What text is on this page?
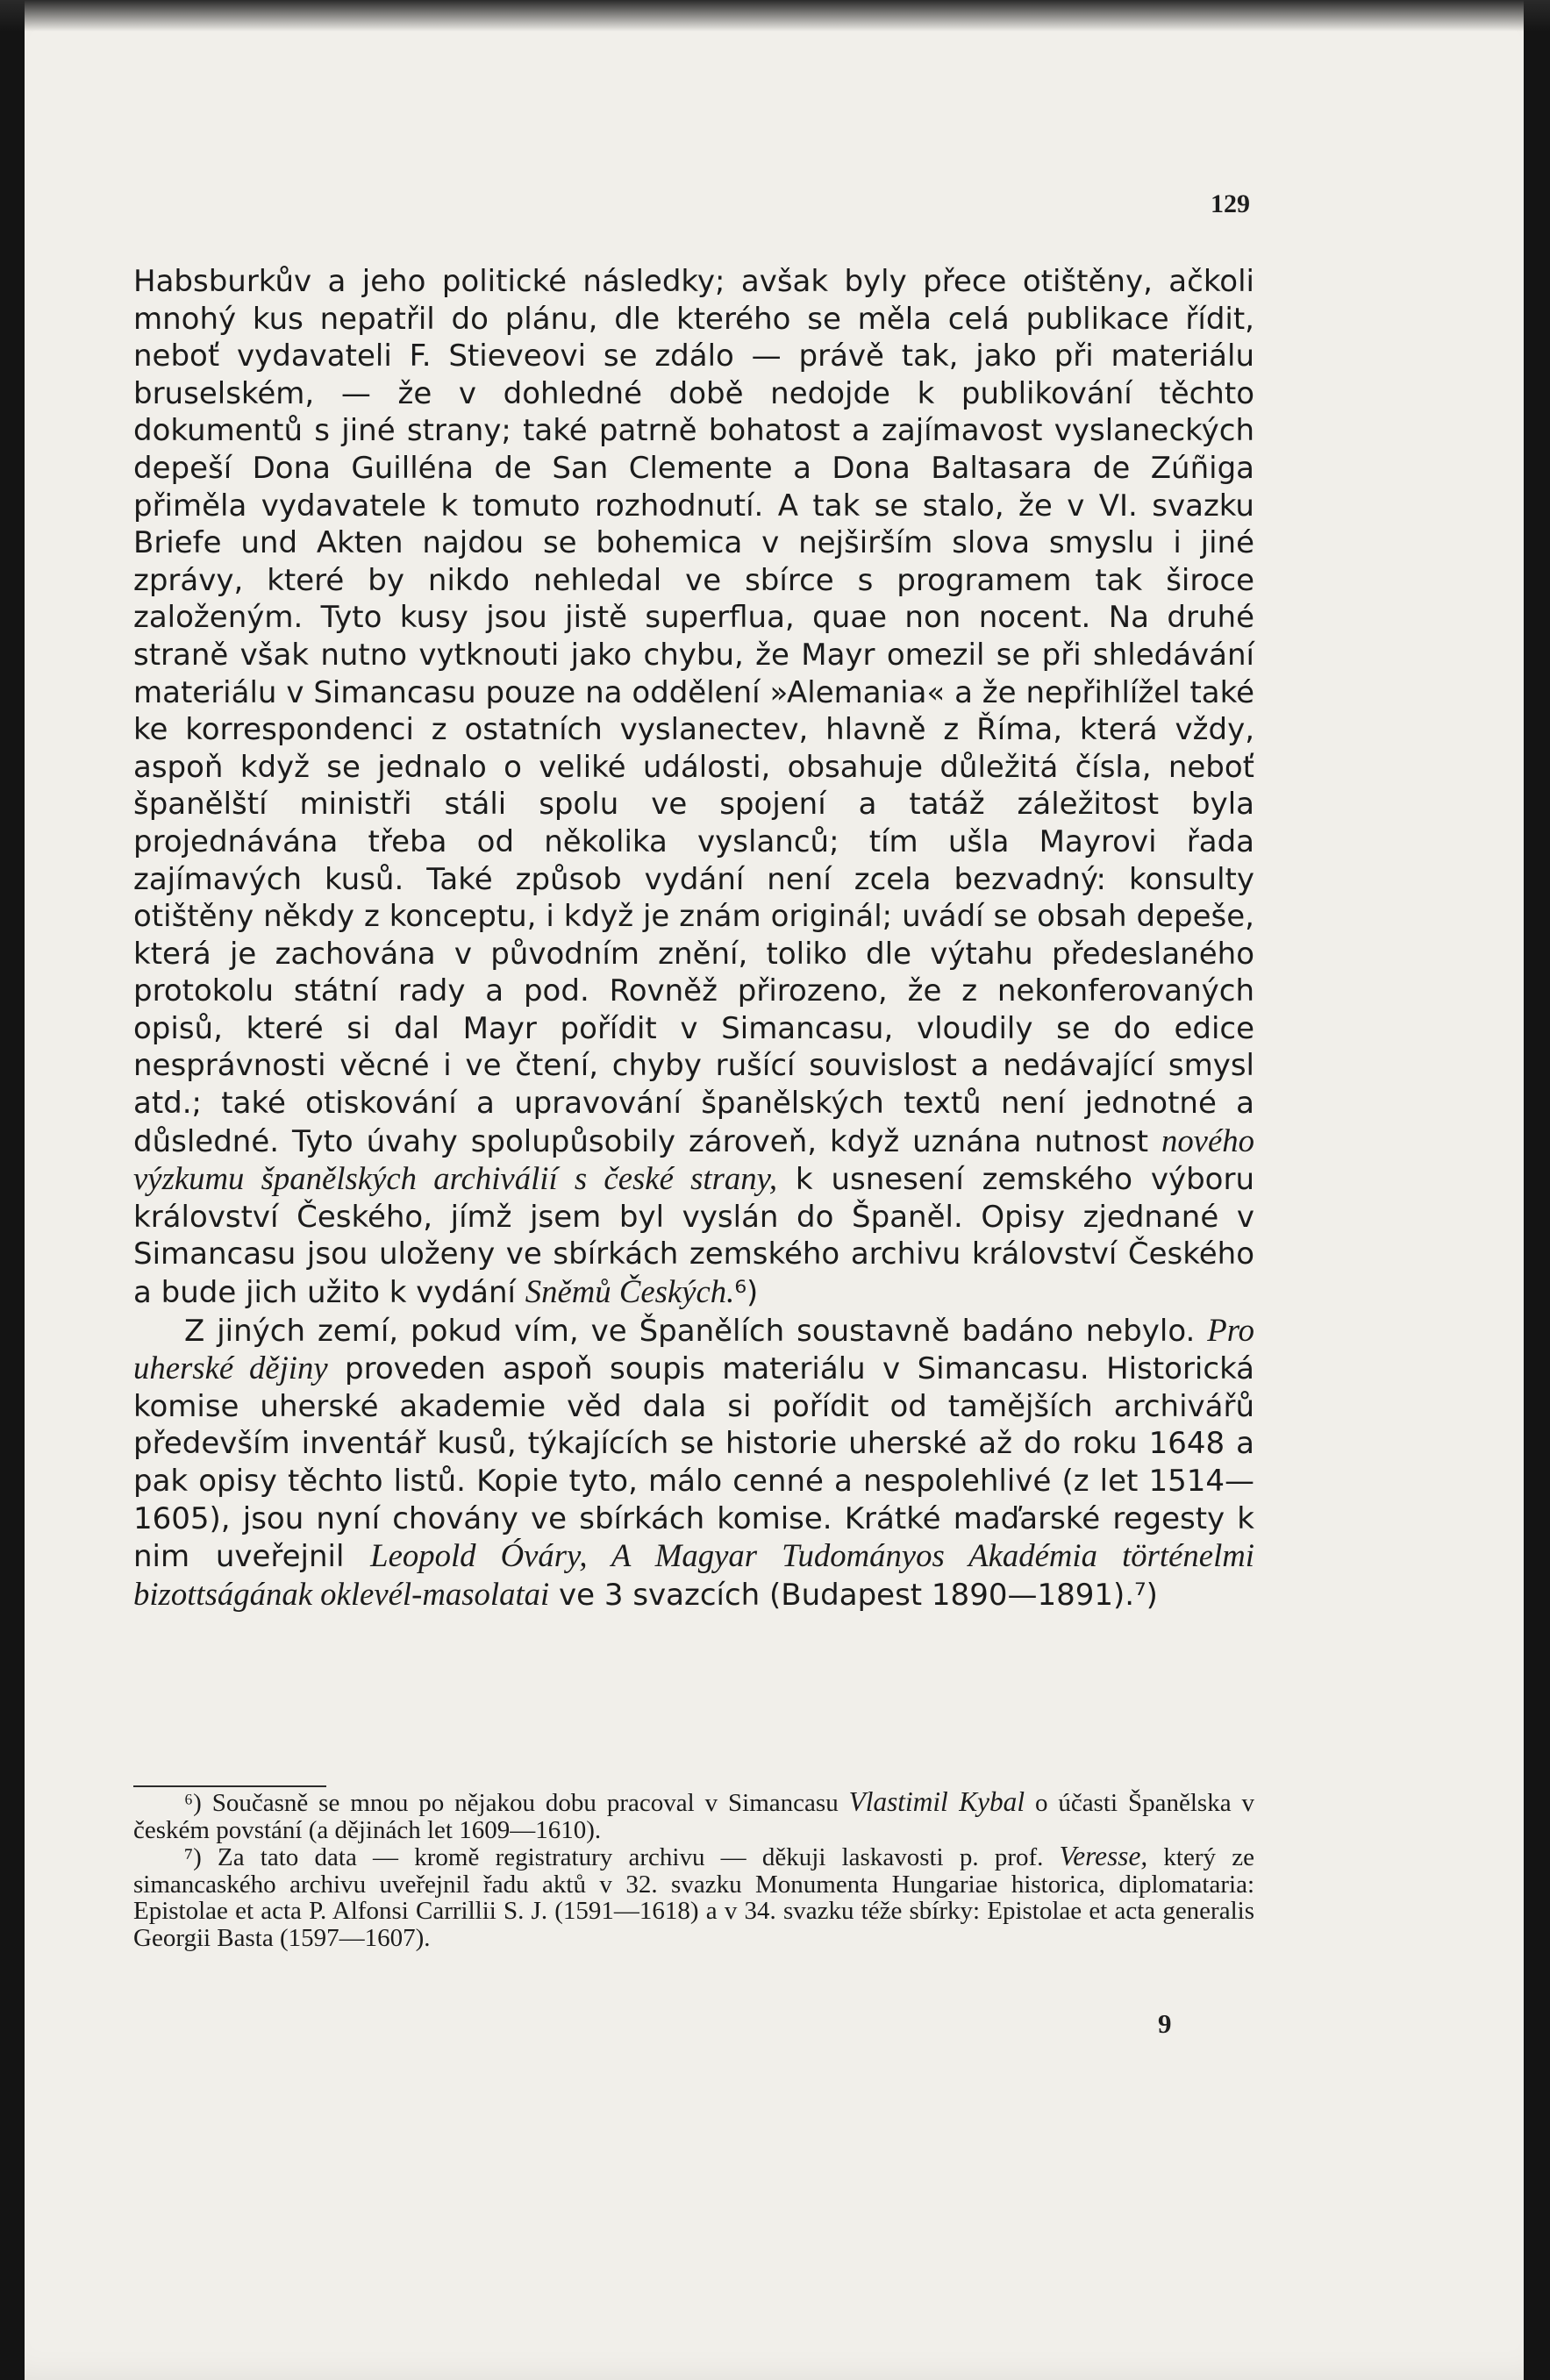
129

Habsburkův a jeho politické následky; avšak byly přece otištěny, ačkoli mnohý kus nepatřil do plánu, dle kterého se měla celá publikace řídit, neboť vydavateli F. Stieveovi se zdálo — právě tak, jako při materiálu bruselském, — že v dohledné době nedojde k publikování těchto dokumentů s jiné strany; také patrně bohatost a zajímavost vyslaneckých depeší Dona Guilléna de San Clemente a Dona Baltasara de Zúñiga přiměla vydavatele k tomuto rozhodnutí. A tak se stalo, že v VI. svazku Briefe und Akten najdou se bohemica v nejširším slova smyslu i jiné zprávy, které by nikdo nehledal ve sbírce s programem tak široce založeným. Tyto kusy jsou jistě superflua, quae non nocent. Na druhé straně však nutno vytknouti jako chybu, že Mayr omezil se při shledávání materiálu v Simancasu pouze na oddělení »Alemania« a že nepřihlížel také ke korrespondenci z ostatních vyslanectev, hlavně z Říma, která vždy, aspoň když se jednalo o veliké události, obsahuje důležitá čísla, neboť španělští ministři stáli spolu ve spojení a tatáž záležitost byla projednávána třeba od několika vyslanců; tím ušla Mayrovi řada zajímavých kusů. Také způsob vydání není zcela bezvadný: konsulty otištěny někdy z konceptu, i když je znám originál; uvádí se obsah depeše, která je zachována v původním znění, toliko dle výtahu předeslaného protokolu státní rady a pod. Rovněž přirozeno, že z nekonferovaných opisů, které si dal Mayr pořídit v Simancasu, vloudily se do edice nesprávnosti věcné i ve čtení, chyby rušící souvislost a nedávající smysl atd.; také otiskování a upravování španělských textů není jednotné a důsledné. Tyto úvahy spolupůsobily zároveň, když uznána nutnost nového výzkumu španělských archiválií s české strany, k usnesení zemského výboru království Českého, jímž jsem byl vyslán do Španěl. Opisy zjednané v Simancasu jsou uloženy ve sbírkách zemského archivu království Českého a bude jich užito k vydání Sněmů Českých.⁶)

Z jiných zemí, pokud vím, ve Španělích soustavně badáno nebylo. Pro uherské dějiny proveden aspoň soupis materiálu v Simancasu. Historická komise uherské akademie věd dala si pořídit od tamějších archivářů především inventář kusů, týkajících se historie uherské až do roku 1648 a pak opisy těchto listů. Kopie tyto, málo cenné a nespolehlivé (z let 1514—1605), jsou nyní chovány ve sbírkách komise. Krátké maďarské regesty k nim uveřejnil Leopold Óváry, A Magyar Tudományos Akadémia történelmi bizottságának oklevél-masolatai ve 3 svazcích (Budapest 1890—1891).⁷)

⁶) Současně se mnou po nějakou dobu pracoval v Simancasu Vlastimil Kybal o účasti Španělska v českém povstání (a dějinách let 1609—1610).

⁷) Za tato data — kromě registratury archivu — děkuji laskavosti p. prof. Veresse, který ze simancaského archivu uveřejnil řadu aktů v 32. svazku Monumenta Hungariae historica, diplomataria: Epistolae et acta P. Alfonsi Carrillii S. J. (1591—1618) a v 34. svazku téže sbírky: Epistolae et acta generalis Georgii Basta (1597—1607).

9
